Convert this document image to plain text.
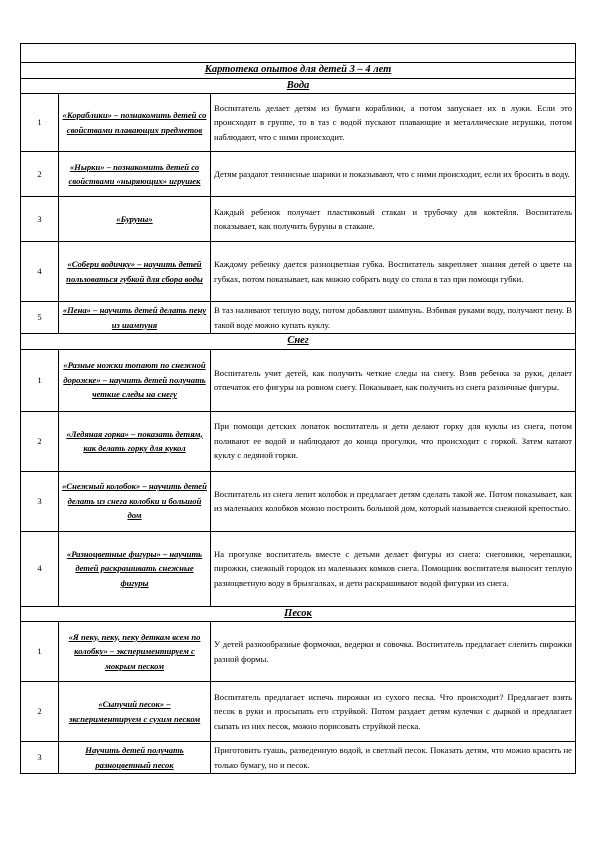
Картотека опытов для детей 3 – 4 лет		
Вода		
1	«Кораблики» – познакомить детей со свойствами плавающих предметов	Воспитатель делает детям из бумаги кораблики, а потом запускает их в лужи. Если это происходит в группе, то в таз с водой пускают плавающие и металлические игрушки, потом наблюдают, что с ними происходит.
2	«Нырки» – познакомить детей со свойствами «ныряющих» игрушек	Детям раздают теннисные шарики и показывают, что с ними происходит, если их бросить в воду.
3	«Буруны»	Каждый ребенок получает пластиковый стакан и трубочку для коктейля. Воспитатель показывает, как получить буруны в стакане.
4	«Собери водичку» – научить детей пользоваться губкой для сбора воды	Каждому ребенку дается разноцветная губка. Воспитатель закрепляет знания детей о цвете на губках, потом показывает, как можно собрать воду со стола в таз при помощи губки.
5	«Пена» – научить детей делать пену из шампуня	В таз наливают теплую воду, потом добавляют шампунь. Взбивая руками воду, получают пену. В такой воде можно купать куклу.
Снег		
1	«Разные ножки топают по снежной дорожке» – научить детей получать четкие следы на снегу	Воспитатель учит детей, как получить четкие следы на снегу. Взяв ребенка за руки, делает отпечаток его фигуры на ровном снегу. Показывает, как получить из снега различные фигуры.
2	«Ледяная горка» – показать детям, как делать горку для кукол	При помощи детских лопаток воспитатель и дети делают горку для куклы из снега, потом поливают ее водой и наблюдают до конца прогулки, что происходит с горкой. Затем катают куклу с ледяной горки.
3	«Снежный колобок» – научить детей делать из снега колобки и большой дом	Воспитатель из снега лепит колобок и предлагает детям сделать такой же. Потом показывает, как из маленьких колобков можно построить большой дом, который называется снежной крепостью.
4	«Разноцветные фигуры» – научить детей раскрашивать снежные фигуры	На прогулке воспитатель вместе с детьми делает фигуры из снега: снеговики, черепашки, пирожки, снежный городок из маленьких комков снега. Помощник воспитателя выносит теплую разноцветную воду в брызгалках, и дети раскрашивают водой фигурки из снега.
Песок		
1	«Я пеку, пеку, пеку деткам всем по колобку» – экспериментируем с мокрым песком	У детей разнообразные формочки, ведерки и совочка. Воспитатель предлагает слепить пирожки разной формы.
2	«Сыпучий песок» – экспериментируем с сухим песком	Воспитатель предлагает испечь пирожки из сухого песка. Что происходит? Предлагает взять песок в руки и просыпать его струйкой. Потом раздает детям кулечки с дыркой и предлагает сыпать из них песок, можно порисовать струйкой песка.
3	Научить детей получать разноцветный песок	Приготовить гуашь, разведенную водой, и светлый песок. Показать детям, что можно красить не только бумагу, но и песок.
